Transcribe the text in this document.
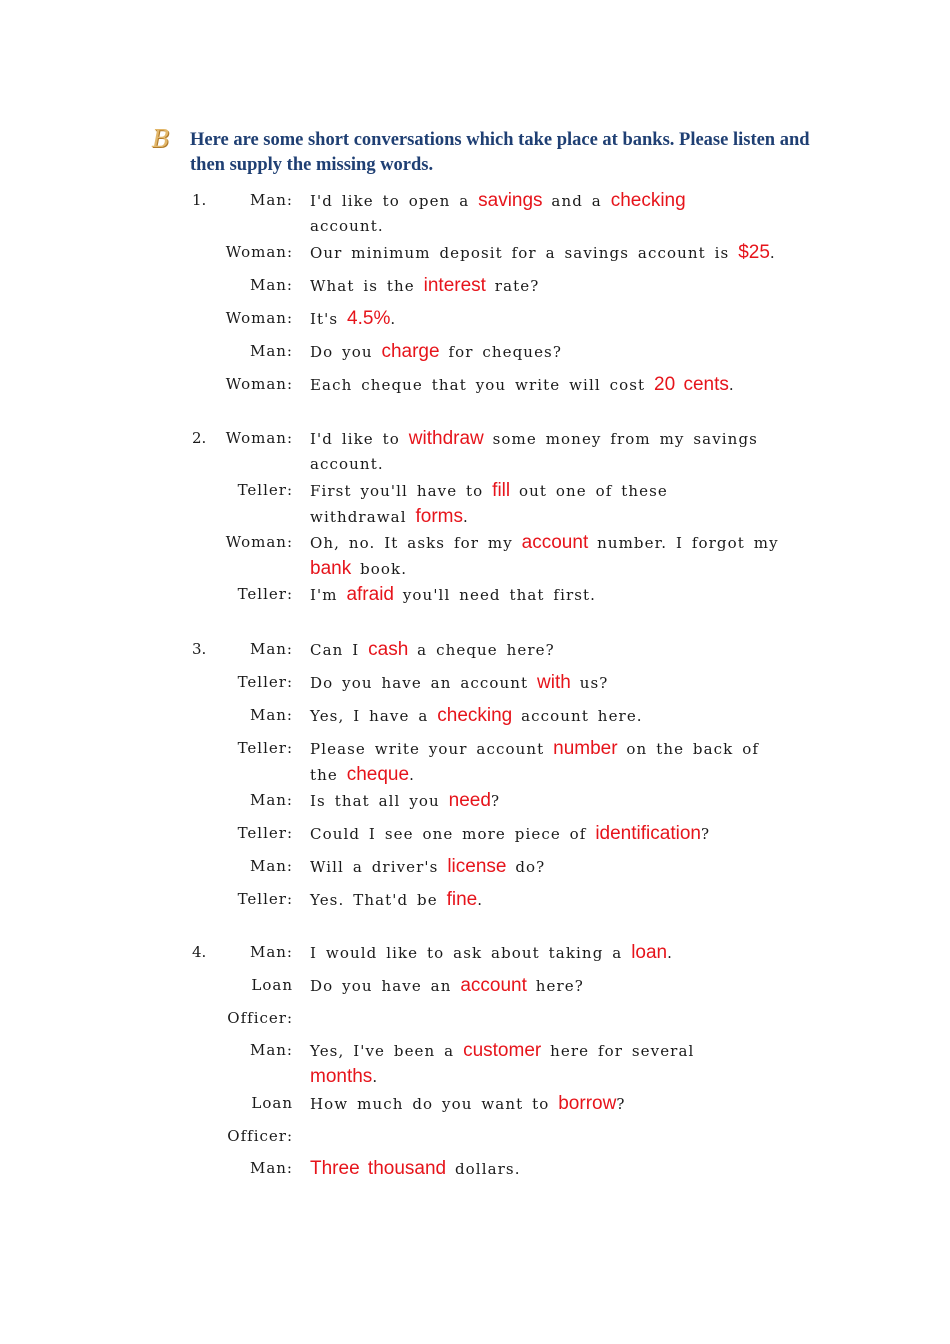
B	Here are some short conversations which take place at banks. Please listen and then supply the missing words.
1.	Man: I'd like to open a savings and a checking
account.
Woman: Our minimum deposit for a savings account is $25.
Man: What is the interest rate?
Woman: It's 4.5%.
Man: Do you charge for cheques?
Woman: Each cheque that you write will cost 20 cents.
2.	Woman: I'd like to withdraw some money from my savings
account.
Teller: First you'll have to fill out one of these
withdrawal forms.
Woman: Oh, no. It asks for my account number. I forgot my
bank book.
Teller: I'm afraid you'll need that first.
3.	Man: Can I cash a cheque here?
Teller: Do you have an account with us?
Man: Yes, I have a checking account here.
Teller: Please write your account number on the back of
the cheque.
Man: Is that all you need?
Teller: Could I see one more piece of identification?
Man: Will a driver's license do?
Teller: Yes. That'd be fine.
4.	Man: I would like to ask about taking a loan.
Loan Officer:
Do you have an account here?
Man: Yes, I've been a customer here for several
months.
Loan Officer:
How much do you want to borrow?
Man: Three thousand dollars.
